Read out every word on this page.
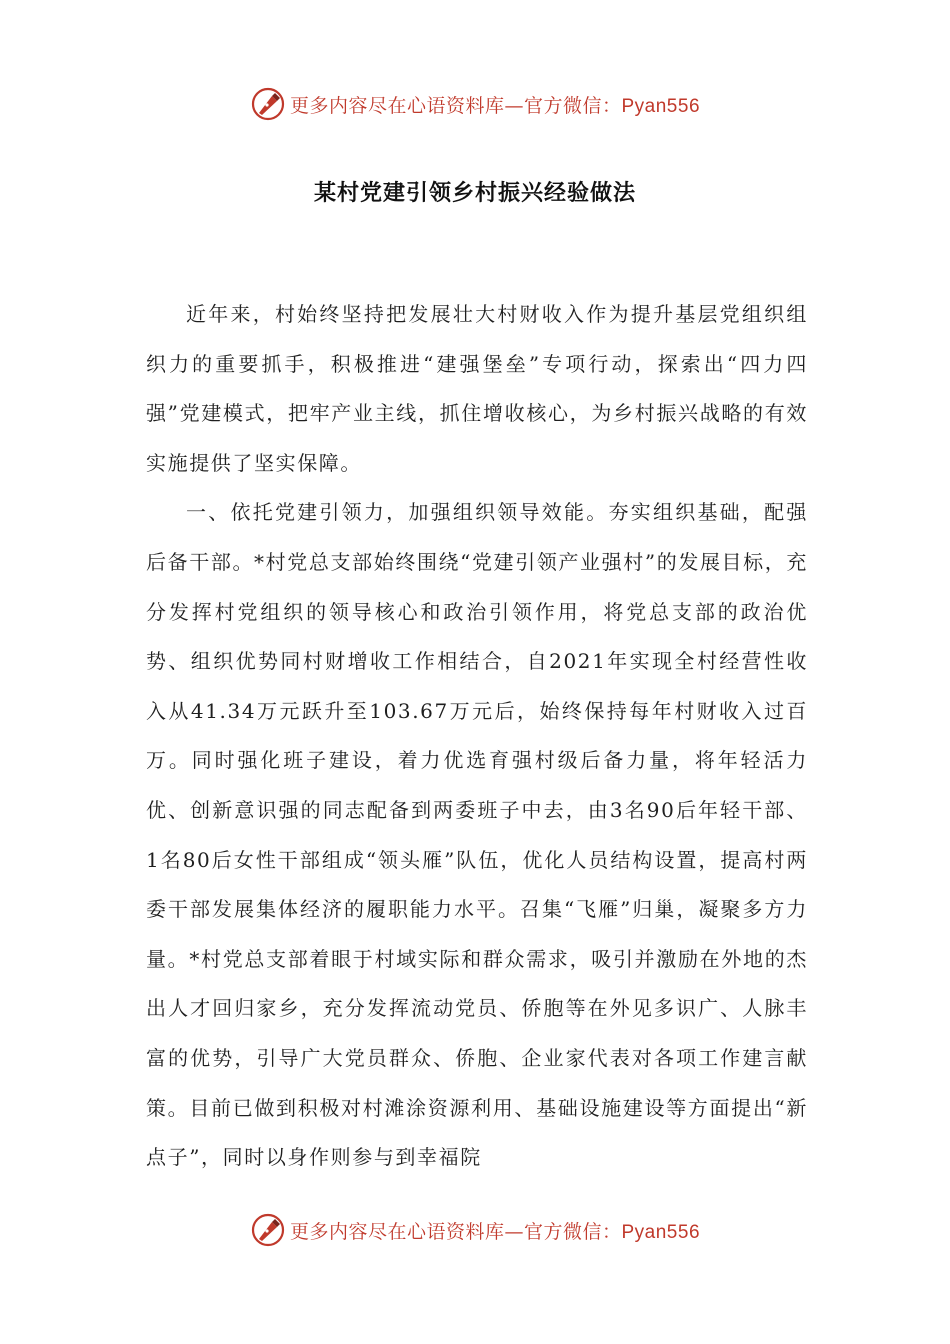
更多内容尽在心语资料库—官方微信：Pyan556
某村党建引领乡村振兴经验做法

近年来，村始终坚持把发展壮大村财收入作为提升基层党组织组织力的重要抓手，积极推进“建强堡垒”专项行动，探索出“四力四强”党建模式，把牢产业主线，抓住增收核心，为乡村振兴战略的有效实施提供了坚实保障。

一、依托党建引领力，加强组织领导效能。夯实组织基础，配强后备干部。*村党总支部始终围绕“党建引领产业强村”的发展目标，充分发挥村党组织的领导核心和政治引领作用，将党总支部的政治优势、组织优势同村财增收工作相结合，自2021年实现全村经营性收入从41.34万元跃升至103.67万元后，始终保持每年村财收入过百万。同时强化班子建设，着力优选育强村级后备力量，将年轻活力优、创新意识强的同志配备到两委班子中去，由3名90后年轻干部、1名80后女性干部组成“领头雁”队伍，优化人员结构设置，提高村两委干部发展集体经济的履职能力水平。召集“飞雁”归巢，凝聚多方力量。*村党总支部着眼于村域实际和群众需求，吸引并激励在外地的杰出人才回归家乡，充分发挥流动党员、侨胞等在外见多识广、人脉丰富的优势，引导广大党员群众、侨胞、企业家代表对各项工作建言献策。目前已做到积极对村滩涂资源利用、基础设施建设等方面提出“新点子”，同时以身作则参与到幸福院

更多内容尽在心语资料库—官方微信：Pyan556
